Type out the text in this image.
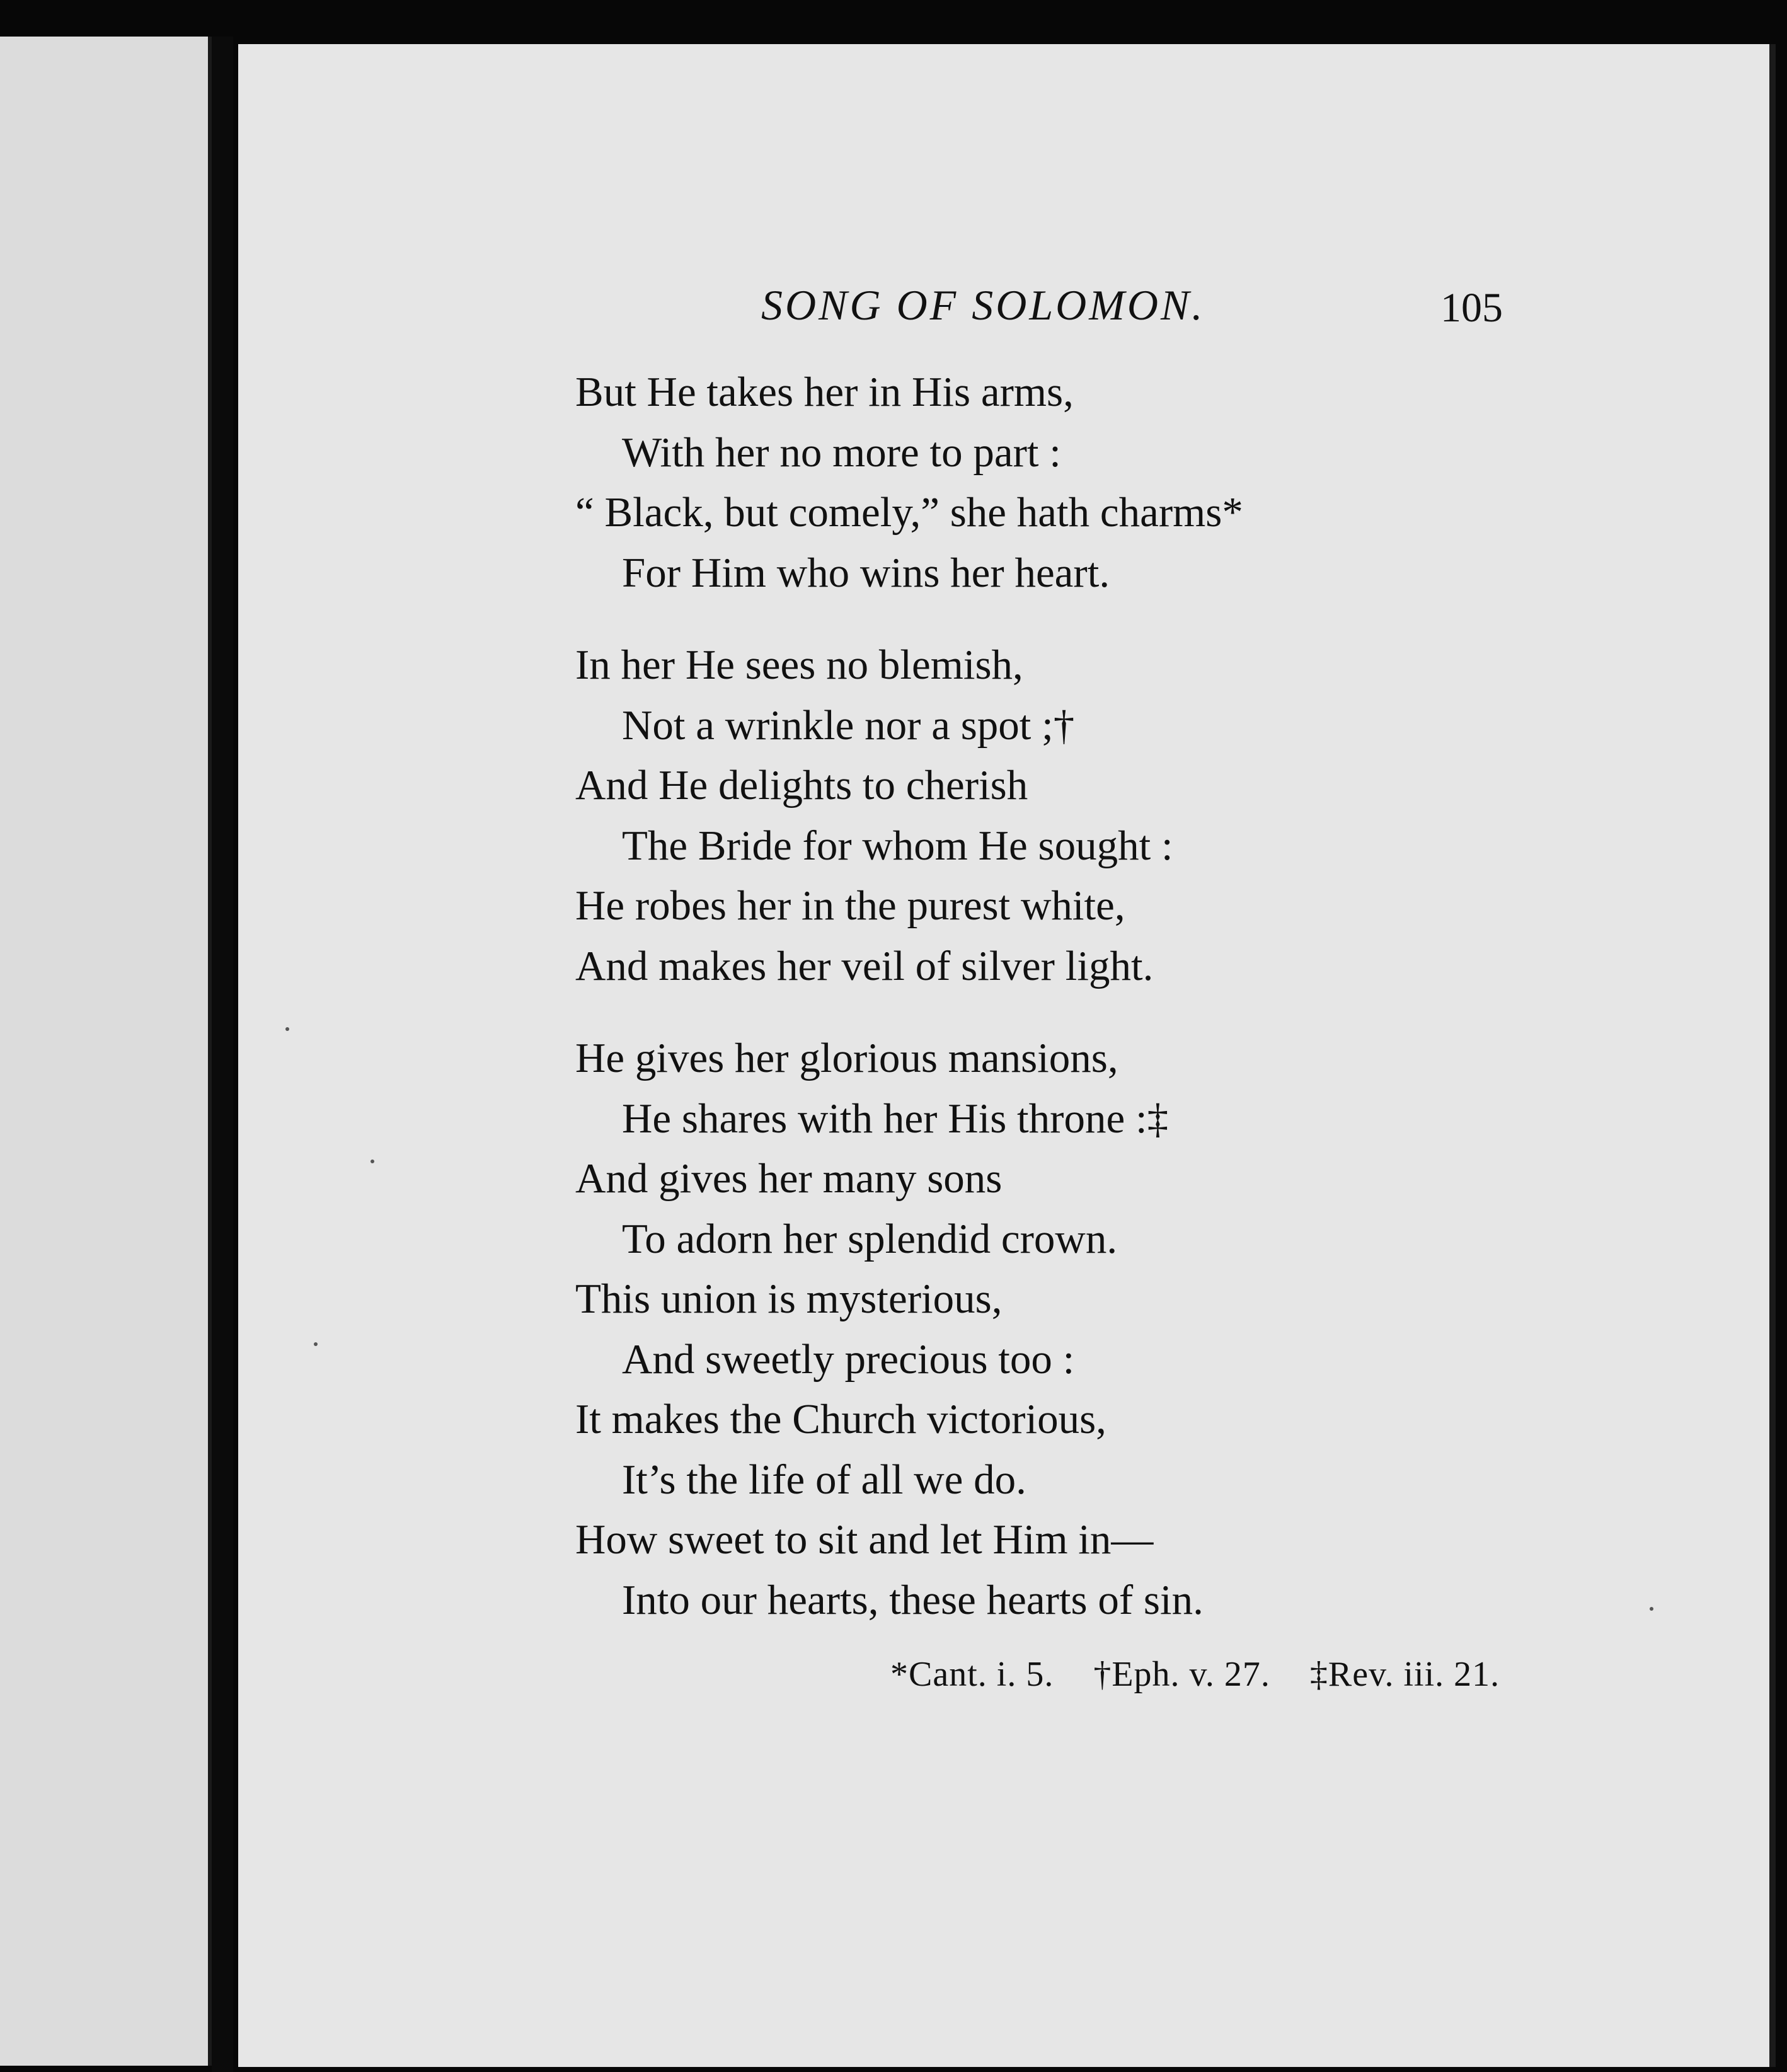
SONG OF SOLOMON.	105
But He takes her in His arms,
With her no more to part :
“ Black, but comely,” she hath charms*
For Him who wins her heart.
In her He sees no blemish,
Not a wrinkle nor a spot ;†
And He delights to cherish
The Bride for whom He sought :
He robes her in the purest white,
And makes her veil of silver light.
He gives her glorious mansions,
He shares with her His throne :‡
And gives her many sons
To adorn her splendid crown.
This union is mysterious,
And sweetly precious too :
It makes the Church victorious,
It’s the life of all we do.
How sweet to sit and let Him in—
Into our hearts, these hearts of sin.
*Cant. i. 5. †Eph. v. 27. ‡Rev. iii. 21.
